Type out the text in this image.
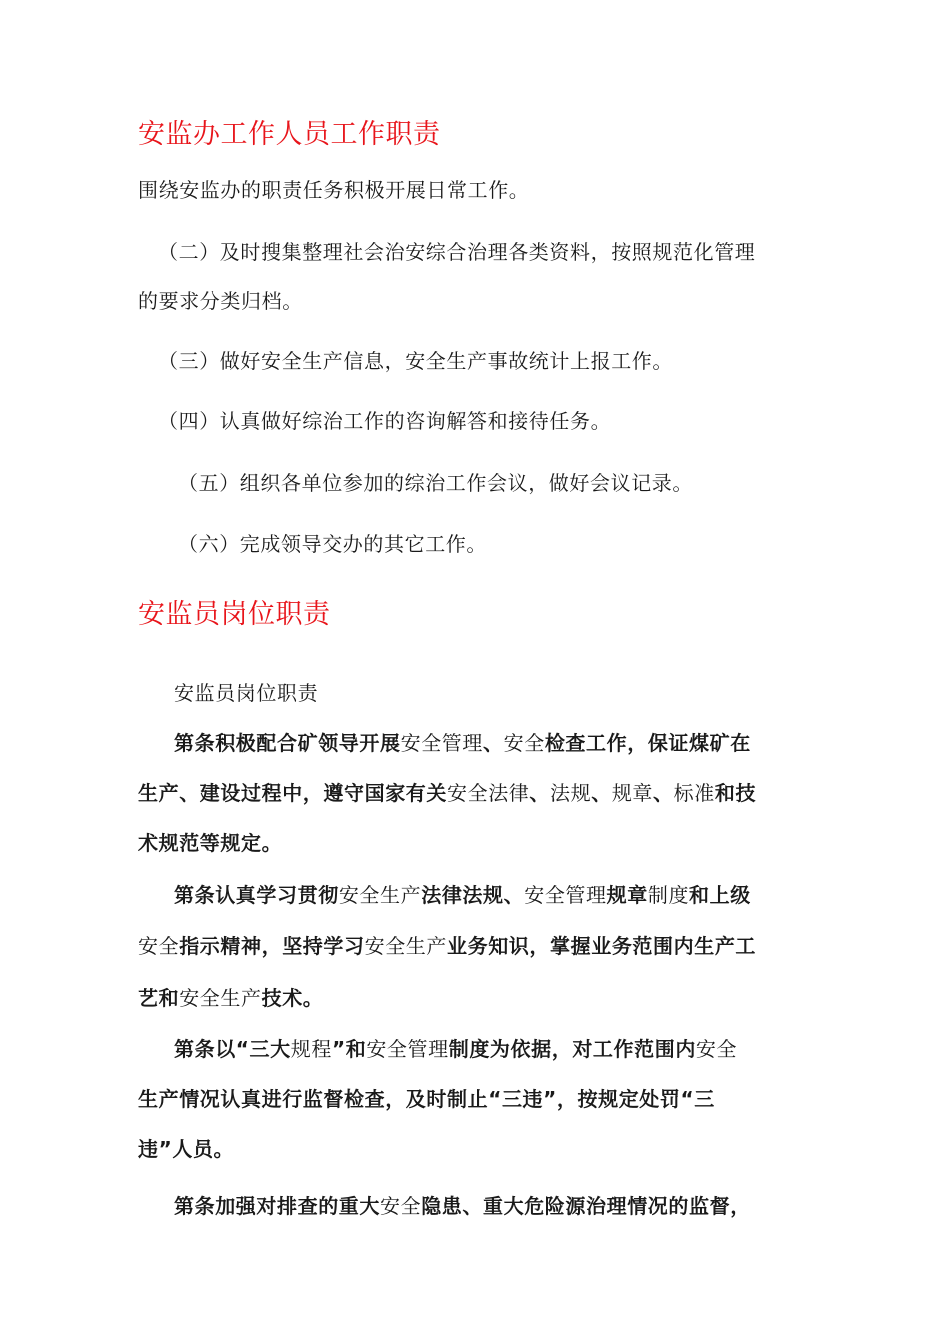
安监办工作人员工作职责
围绕安监办的职责任务积极开展日常工作。
（二）及时搜集整理社会治安综合治理各类资料，按照规范化管理
的要求分类归档。
（三）做好安全生产信息，安全生产事故统计上报工作。
（四）认真做好综治工作的咨询解答和接待任务。
（五）组织各单位参加的综治工作会议，做好会议记录。
（六）完成领导交办的其它工作。
安监员岗位职责
安监员岗位职责
第条积极配合矿领导开展安全管理、安全检查工作，保证煤矿在
生产、建设过程中，遵守国家有关安全法律、法规、规章、标准和技
术规范等规定。
第条认真学习贯彻安全生产法律法规、安全管理规章制度和上级
安全指示精神，坚持学习安全生产业务知识，掌握业务范围内生产工
艺和安全生产技术。
第条以“三大规程”和安全管理制度为依据，对工作范围内安全
生产情况认真进行监督检查，及时制止“三违”，按规定处罚“三
违”人员。
第条加强对排查的重大安全隐患、重大危险源治理情况的监督，
